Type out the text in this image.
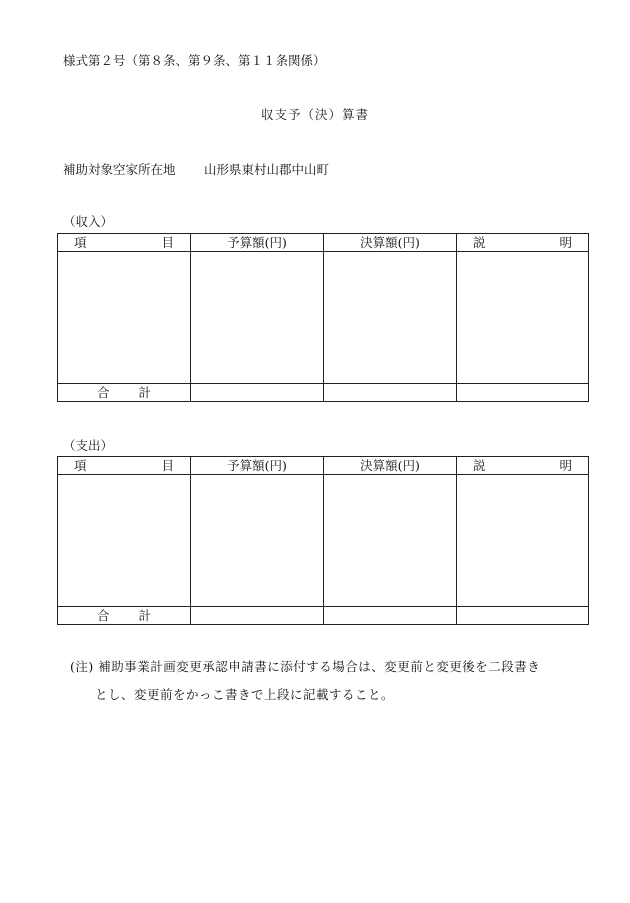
様式第２号（第８条、第９条、第１１条関係）
収支予（決）算書
補助対象空家所在地 山形県東村山郡中山町
（収入）
項 目	予算額(円)	決算額(円)	説 明

合 計			

（支出）
項 目	予算額(円)	決算額(円)	説 明

合 計			

(注) 補助事業計画変更承認申請書に添付する場合は、変更前と変更後を二段書き
とし、変更前をかっこ書きで上段に記載すること。
